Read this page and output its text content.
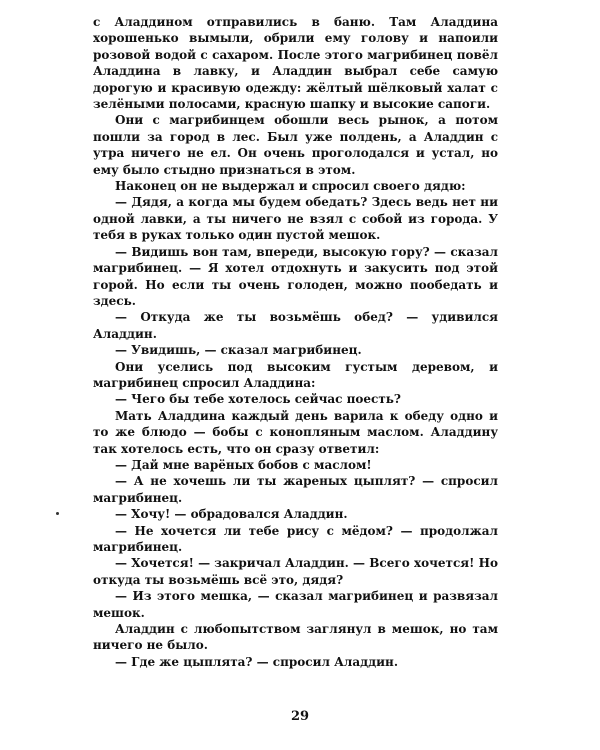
с Аладдином отправились в баню. Там Аладдина хорошенько вымыли, обрили ему голову и напоили розовой водой с сахаром. После этого магрибинец повёл Аладдина в лавку, и Аладдин выбрал себе самую дорогую и красивую одежду: жёлтый шёлковый халат с зелёными полосами, красную шапку и высокие сапоги.

Они с магрибинцем обошли весь рынок, а потом пошли за город в лес. Был уже полдень, а Аладдин с утра ничего не ел. Он очень проголодался и устал, но ему было стыдно признаться в этом.

Наконец он не выдержал и спросил своего дядю:

— Дядя, а когда мы будем обедать? Здесь ведь нет ни одной лавки, а ты ничего не взял с собой из города. У тебя в руках только один пустой мешок.

— Видишь вон там, впереди, высокую гору? — сказал магрибинец. — Я хотел отдохнуть и закусить под этой горой. Но если ты очень голоден, можно пообедать и здесь.

— Откуда же ты возьмёшь обед? — удивился Аладдин.

— Увидишь, — сказал магрибинец.

Они уселись под высоким густым деревом, и магрибинец спросил Аладдина:

— Чего бы тебе хотелось сейчас поесть?

Мать Аладдина каждый день варила к обеду одно и то же блюдо — бобы с конопляным маслом. Аладдину так хотелось есть, что он сразу ответил:

— Дай мне варёных бобов с маслом!

— А не хочешь ли ты жареных цыплят? — спросил магрибинец.

— Хочу! — обрадовался Аладдин.

— Не хочется ли тебе рису с мёдом? — продолжал магрибинец.

— Хочется! — закричал Аладдин. — Всего хочется! Но откуда ты возьмёшь всё это, дядя?

— Из этого мешка, — сказал магрибинец и развязал мешок.

Аладдин с любопытством заглянул в мешок, но там ничего не было.

— Где же цыплята? — спросил Аладдин.

29
